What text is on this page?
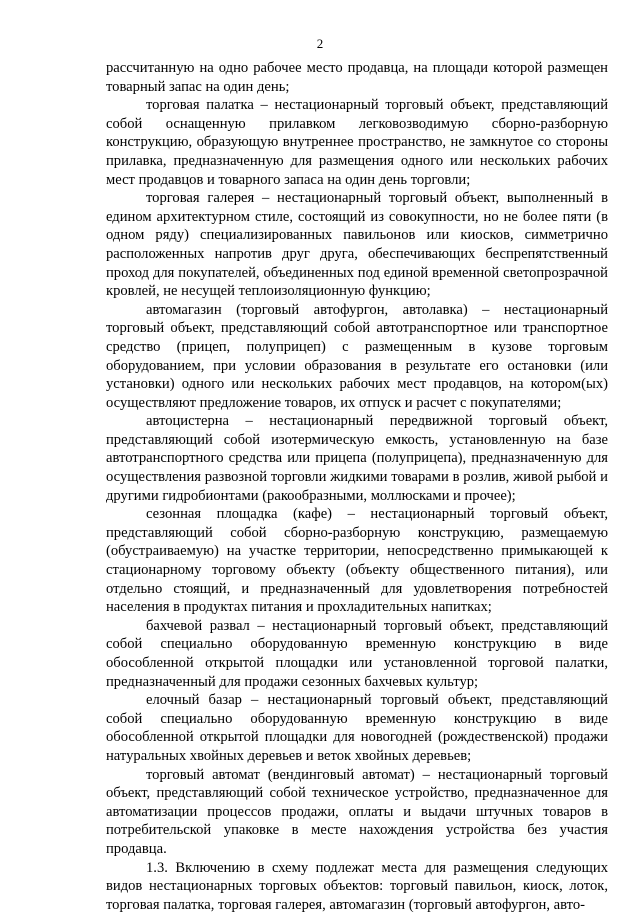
2

рассчитанную на одно рабочее место продавца, на площади которой размещен товарный запас на один день;

торговая палатка – нестационарный торговый объект, представляющий собой оснащенную прилавком легковозводимую сборно-разборную конструкцию, образующую внутреннее пространство, не замкнутое со стороны прилавка, предназначенную для размещения одного или нескольких рабочих мест продавцов и товарного запаса на один день торговли;

торговая галерея – нестационарный торговый объект, выполненный в едином архитектурном стиле, состоящий из совокупности, но не более пяти (в одном ряду) специализированных павильонов или киосков, симметрично расположенных напротив друг друга, обеспечивающих беспрепятственный проход для покупателей, объединенных под единой временной светопрозрачной кровлей, не несущей теплоизоляционную функцию;

автомагазин (торговый автофургон, автолавка) – нестационарный торговый объект, представляющий собой автотранспортное или транспортное средство (прицеп, полуприцеп) с размещенным в кузове торговым оборудованием, при условии образования в результате его остановки (или установки) одного или нескольких рабочих мест продавцов, на котором(ых) осуществляют предложение товаров, их отпуск и расчет с покупателями;

автоцистерна – нестационарный передвижной торговый объект, представляющий собой изотермическую емкость, установленную на базе автотранспортного средства или прицепа (полуприцепа), предназначенную для осуществления развозной торговли жидкими товарами в розлив, живой рыбой и другими гидробионтами (ракообразными, моллюсками и прочее);

сезонная площадка (кафе) – нестационарный торговый объект, представляющий собой сборно-разборную конструкцию, размещаемую (обустраиваемую) на участке территории, непосредственно примыкающей к стационарному торговому объекту (объекту общественного питания), или отдельно стоящий, и предназначенный для удовлетворения потребностей населения в продуктах питания и прохладительных напитках;

бахчевой развал – нестационарный торговый объект, представляющий собой специально оборудованную временную конструкцию в виде обособленной открытой площадки или установленной торговой палатки, предназначенный для продажи сезонных бахчевых культур;

елочный базар – нестационарный торговый объект, представляющий собой специально оборудованную временную конструкцию в виде обособленной открытой площадки для новогодней (рождественской) продажи натуральных хвойных деревьев и веток хвойных деревьев;

торговый автомат (вендинговый автомат) – нестационарный торговый объект, представляющий собой техническое устройство, предназначенное для автоматизации процессов продажи, оплаты и выдачи штучных товаров в потребительской упаковке в месте нахождения устройства без участия продавца.

1.3. Включению в схему подлежат места для размещения следующих видов нестационарных торговых объектов: торговый павильон, киоск, лоток, торговая палатка, торговая галерея, автомагазин (торговый автофургон, авто-
